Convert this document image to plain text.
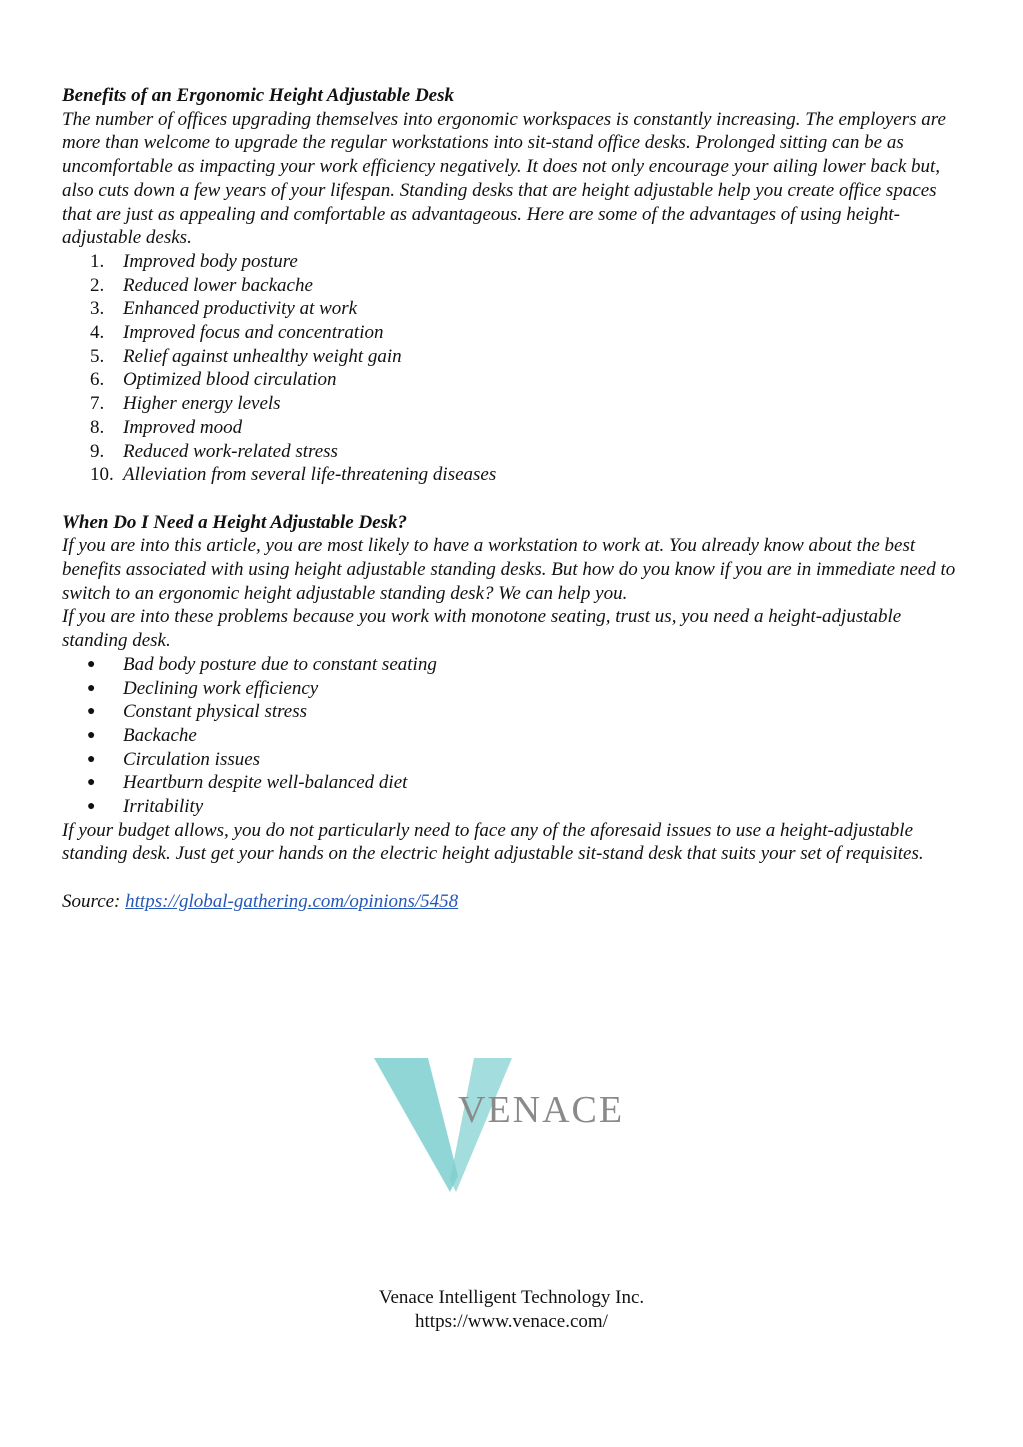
Benefits of an Ergonomic Height Adjustable Desk

The number of offices upgrading themselves into ergonomic workspaces is constantly increasing. The employers are more than welcome to upgrade the regular workstations into sit-stand office desks. Prolonged sitting can be as uncomfortable as impacting your work efficiency negatively. It does not only encourage your ailing lower back but, also cuts down a few years of your lifespan. Standing desks that are height adjustable help you create office spaces that are just as appealing and comfortable as advantageous. Here are some of the advantages of using height-adjustable desks.

1. Improved body posture
2. Reduced lower backache
3. Enhanced productivity at work
4. Improved focus and concentration
5. Relief against unhealthy weight gain
6. Optimized blood circulation
7. Higher energy levels
8. Improved mood
9. Reduced work-related stress
10. Alleviation from several life-threatening diseases
When Do I Need a Height Adjustable Desk?

If you are into this article, you are most likely to have a workstation to work at. You already know about the best benefits associated with using height adjustable standing desks. But how do you know if you are in immediate need to switch to an ergonomic height adjustable standing desk? We can help you.

If you are into these problems because you work with monotone seating, trust us, you need a height-adjustable standing desk.

● Bad body posture due to constant seating
● Declining work efficiency
● Constant physical stress
● Backache
● Circulation issues
● Heartburn despite well-balanced diet
● Irritability

If your budget allows, you do not particularly need to face any of the aforesaid issues to use a height-adjustable standing desk. Just get your hands on the electric height adjustable sit-stand desk that suits your set of requisites.

Source: https://global-gathering.com/opinions/5458

VENACE
Venace Intelligent Technology Inc.
https://www.venace.com/
